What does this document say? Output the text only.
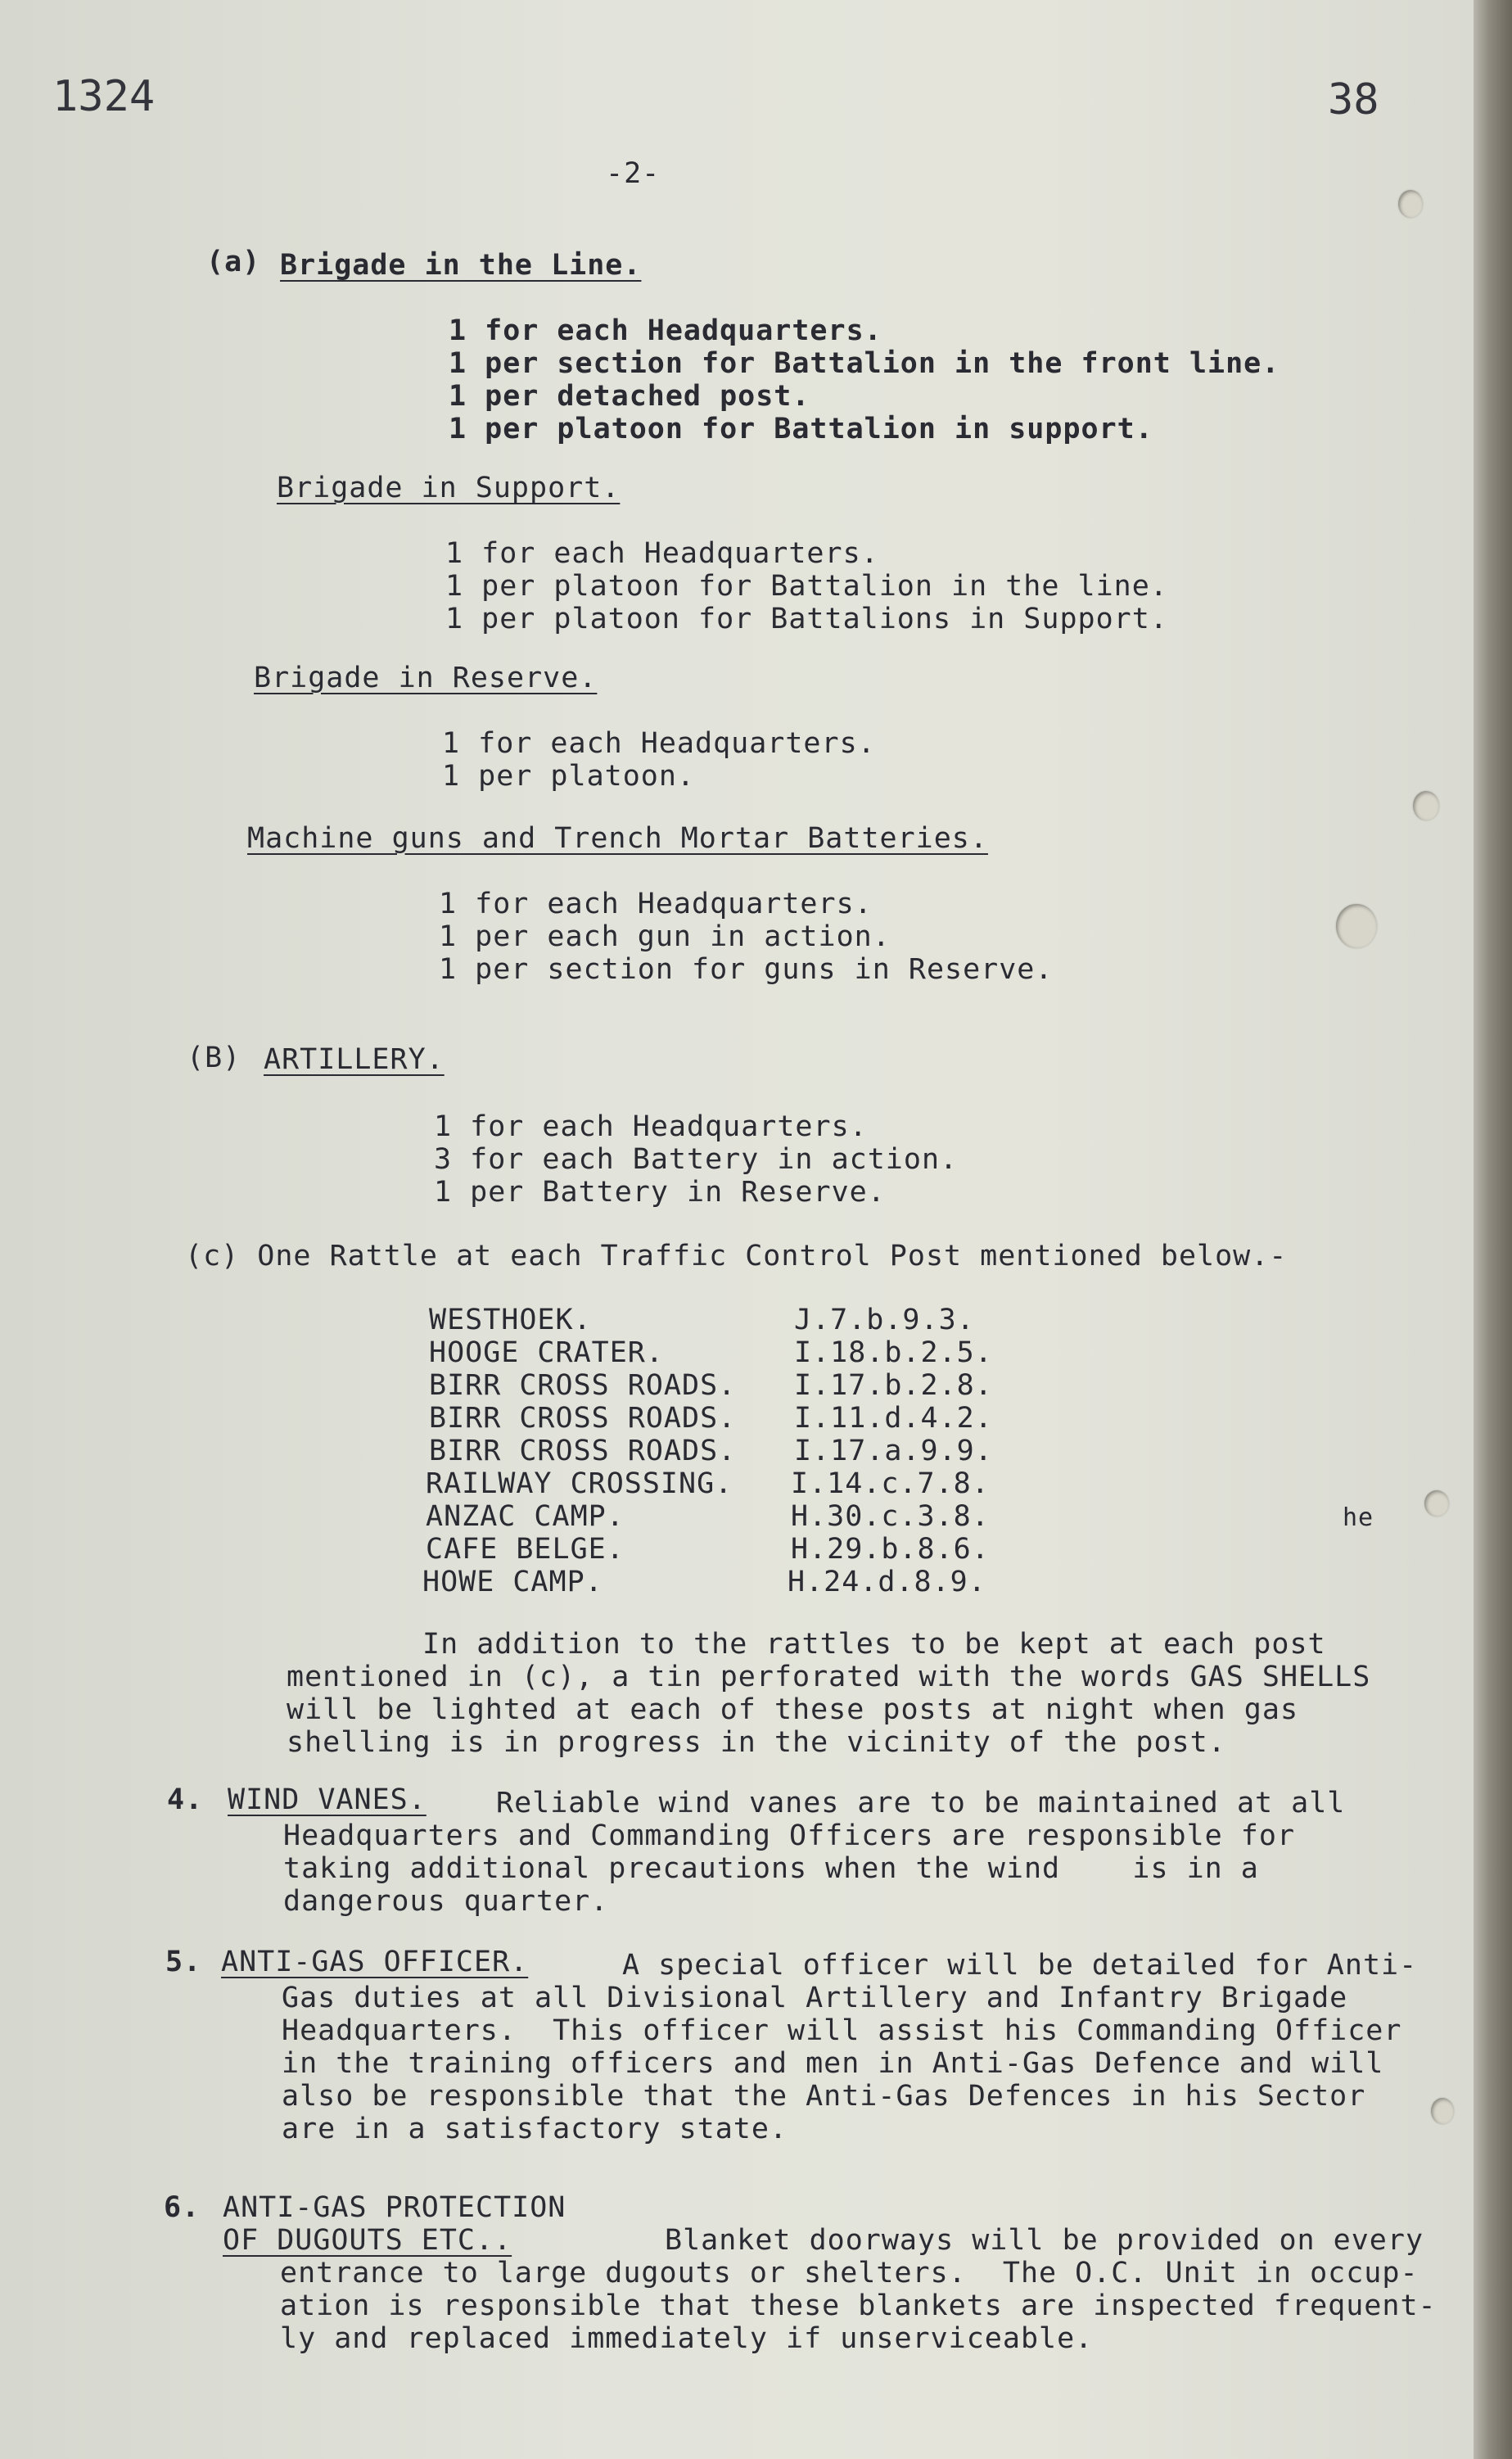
1324	38
-2-
(a) Brigade in the Line.
1 for each Headquarters.
1 per section for Battalion in the front line.
1 per detached post.
1 per platoon for Battalion in support.
Brigade in Support.
1 for each Headquarters.
1 per platoon for Battalion in the line.
1 per platoon for Battalions in Support.
Brigade in Reserve.
1 for each Headquarters.
1 per platoon.
Machine guns and Trench Mortar Batteries.
1 for each Headquarters.
1 per each gun in action.
1 per section for guns in Reserve.
(B) ARTILLERY.
1 for each Headquarters.
3 for each Battery in action.
1 per Battery in Reserve.
(c) One Rattle at each Traffic Control Post mentioned below.-
WESTHOEK.	J.7.b.9.3.
HOOGE CRATER.	I.18.b.2.5.
BIRR CROSS ROADS. I.17.b.2.8.
BIRR CROSS ROADS. I.11.d.4.2.
BIRR CROSS ROADS. I.17.a.9.9.
RAILWAY CROSSING. I.14.c.7.8.
ANZAC CAMP.	H.30.c.3.8.
CAFE BELGE.	H.29.b.8.6.
HOWE CAMP.	H.24.d.8.9.
he
In addition to the rattles to be kept at each post
mentioned in (c), a tin perforated with the words GAS SHELLS
will be lighted at each of these posts at night when gas
shelling is in progress in the vicinity of the post.
4. WIND VANES. Reliable wind vanes are to be maintained at all
Headquarters and Commanding Officers are responsible for
taking additional precautions when the wind    is in a
dangerous quarter.
5. ANTI-GAS OFFICER.	A special officer will be detailed for Anti-
Gas duties at all Divisional Artillery and Infantry Brigade
Headquarters.  This officer will assist his Commanding Officer
in the training officers and men in Anti-Gas Defence and will
also be responsible that the Anti-Gas Defences in his Sector
are in a satisfactory state.
6. ANTI-GAS PROTECTION
OF DUGOUTS ETC..	Blanket doorways will be provided on every
entrance to large dugouts or shelters.  The O.C. Unit in occup-
ation is responsible that these blankets are inspected frequent-
ly and replaced immediately if unserviceable.
